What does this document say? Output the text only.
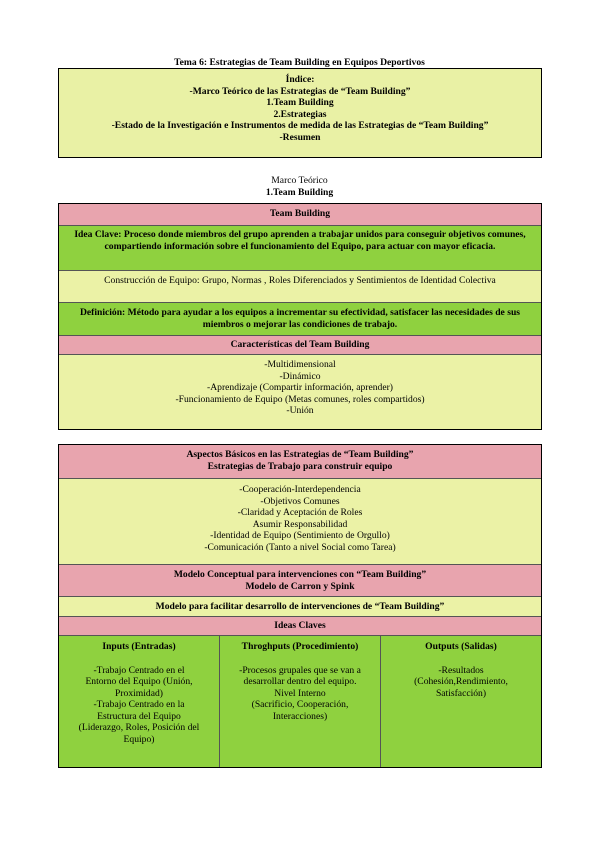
Tema 6: Estrategias de Team Building en Equipos Deportivos
Índice:
-Marco Teórico de las Estrategias de “Team Building”
1.Team Building
2.Estrategias
-Estado de la Investigación e Instrumentos de medida de las Estrategias de “Team Building”
-Resumen
Marco Teórico
1.Team Building
Team Building
Idea Clave: Proceso donde miembros del grupo aprenden a trabajar unidos para conseguir objetivos comunes, compartiendo información sobre el funcionamiento del Equipo, para actuar con mayor eficacia.
Construcción de Equipo: Grupo, Normas , Roles Diferenciados y Sentimientos de Identidad Colectiva
Definición: Método para ayudar a los equipos a incrementar su efectividad, satisfacer las necesidades de sus miembros o mejorar las condiciones de trabajo.
Características del Team Building
-Multidimensional
-Dinámico
-Aprendizaje (Compartir información, aprender)
-Funcionamiento de Equipo (Metas comunes, roles compartidos)
-Unión
Aspectos Básicos en las Estrategias de “Team Building”
Estrategias de Trabajo para construir equipo
-Cooperación-Interdependencia
-Objetivos Comunes
-Claridad y Aceptación de Roles
Asumir Responsabilidad
-Identidad de Equipo (Sentimiento de Orgullo)
-Comunicación (Tanto a nivel Social como Tarea)
Modelo Conceptual para intervenciones con “Team Building”
Modelo de Carron y Spink
Modelo para facilitar desarrollo de intervenciones de “Team Building”
Ideas Claves
Inputs (Entradas)
-Trabajo Centrado en el
Entorno del Equipo (Unión,
Proximidad)
-Trabajo Centrado en la
Estructura del Equipo
(Liderazgo, Roles, Posición del
Equipo)
Throghputs (Procedimiento)
-Procesos grupales que se van a
desarrollar dentro del equipo.
Nivel Interno
(Sacrificio, Cooperación,
Interacciones)
Outputs (Salidas)
-Resultados
(Cohesión,Rendimiento,
Satisfacción)
